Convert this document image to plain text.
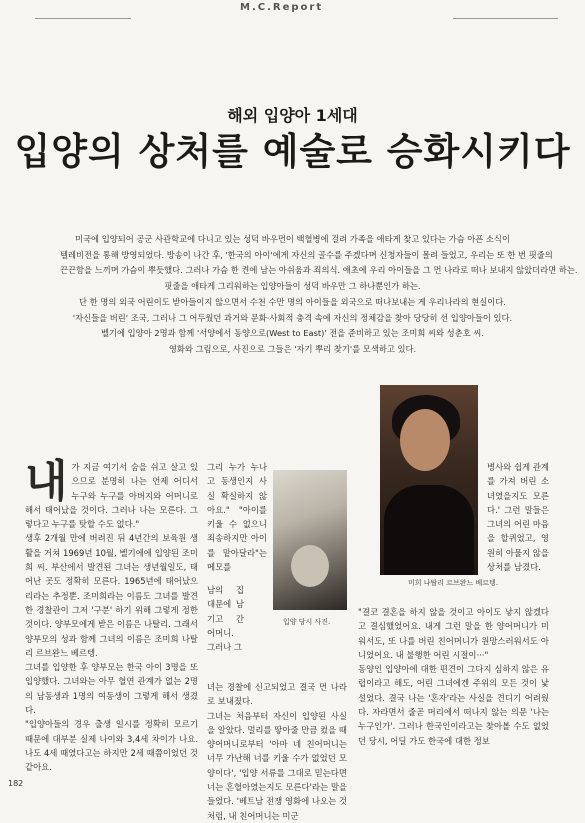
M.C.Report
해외 입양아 1세대
입양의 상처를 예술로 승화시키다

미국에 입양되어 공군 사관학교에 다니고 있는 성덕 바우먼이 백혈병에 걸려 가족을 애타게 찾고 있다는 가슴 아픈 소식이

텔레비전을 통해 방영되었다. 방송이 나간 후, '한국의 아이'에게 자신의 골수를 주겠다며 신청자들이 몰려 들었고, 우리는 또 한 번 핏줄의

끈끈함을 느끼며 가슴이 뿌듯했다. 그러나 가슴 한 켠에 남는 아쉬움과 죄의식. 애초에 우리 아이들을 그 먼 나라로 떠나 보내지 않았더라면 하는.

핏줄을 애타게 그리워하는 입양아들이 성덕 바우만 그 하나뿐인가 하는.

단 한 명의 외국 어린이도 받아들이지 않으면서 수천 수만 명의 아이들을 외국으로 떠나보내는 게 우리나라의 현실이다.

'자신들을 버린' 조국, 그러나 그 어두웠던 과거와 문화·사회적 충격 속에 자신의 정체감을 찾아 당당히 선 입양아들이 있다.

벨기에 입양아 2명과 함께 '서양에서 동양으로(West to East)' 전을 준비하고 있는 조미희 씨와 성춘호 씨.

영화와 그림으로, 사진으로 그들은 '자기 뿌리 찾기'를 모색하고 있다.

내 가 지금 여기서 숨을 쉬고 살고 있으므로 분명히 나는 언제 어디서 누구와 누구를 아버지와 어머니로 해서 태어났을 것이다. 그러나 나는 모른다. 그렇다고 누구를 탓할 수도 없다."

생후 2개월 만에 버려진 뒤 4년간의 보육원 생활을 거쳐 1969년 10월, 벨기에에 입양된 조미희 씨. 부산에서 발견된 그녀는 생년월일도, 태어난 곳도 정확히 모른다. 1965년에 태어났으리라는 추정뿐. 조미희라는 이름도 그녀를 발견한 경찰관이 그저 '구분' 하기 위해 그렇게 정한 것이다. 양부모에게 받은 이름은 나탈리. 그래서 양부모의 성과 함께 그녀의 이름은 조미희 나탈리 르브완느 베르텡.

그녀를 입양한 후 양부모는 한국 아이 3명을 또 입양했다. 그녀와는 아무 혈연 관계가 없는 2명의 남동생과 1명의 여동생이 그렇게 해서 생겼다.

"입양아들의 경우 출생 일시를 정확히 모르기 때문에 대부분 실제 나이와 3,4세 차이가 나요. 나도 4세 때였다고는 하지만 2세 때쯤이었던 것 같아요.

그리 누가 누나고 동생인지 사실 확실하지 않아요." "아이를 키울 수 없으니 죄송하지만 아이를 맡아달라"는 메모를

남의 집 대문에 남기고 간 어머니. 그러나 그

녀는 경찰에 신고되었고 결국 먼 나라로 보내졌다.

그녀는 처음부터 자신이 입양된 사실을 알았다. 멀리를 땋아줄 만큼 컸을 때 양어머니로부터 '아마 네 친어머니는 너무 가난해 너를 키울 수가 없었던 모양이다', '입양 서류를 그대로 믿는다면 너는 혼혈아였는지도 모른다'라는 말을 들었다. '베트남 전쟁 영화에 나오는 것처럼, 내 친어머니는 미군

입양 당시 사진.
미희 나탈리 르브완느 베르텡.

병사와 쉽게 관계를 가져 버린 소녀였을지도 모른다.' 그런 말들은 그녀의 어린 마음을 할퀴었고, 영원히 아물지 않을 상처를 남겼다.

"결코 결혼을 하지 않을 것이고 아이도 낳지 않겠다고 결심했었어요. 내게 그런 말을 한 양어머니가 미워서도, 또 나를 버린 친어머니가 원망스러워서도 아니었어요. 내 불행한 어린 시절이···"

동양인 입양아에 대한 편견이 그다지 심하지 않은 유럽이라고 해도, 어린 그녀에겐 주위의 모든 것이 낯설었다. 결국 나는 '혼자'라는 사실을 견디기 어려웠다. 자라면서 줄곧 머리에서 떠나지 않는 의문 '나는 누구인가'. 그러나 한국인이라고는 찾아볼 수도 없었던 당시, 어딜 가도 한국에 대한 정보

182
